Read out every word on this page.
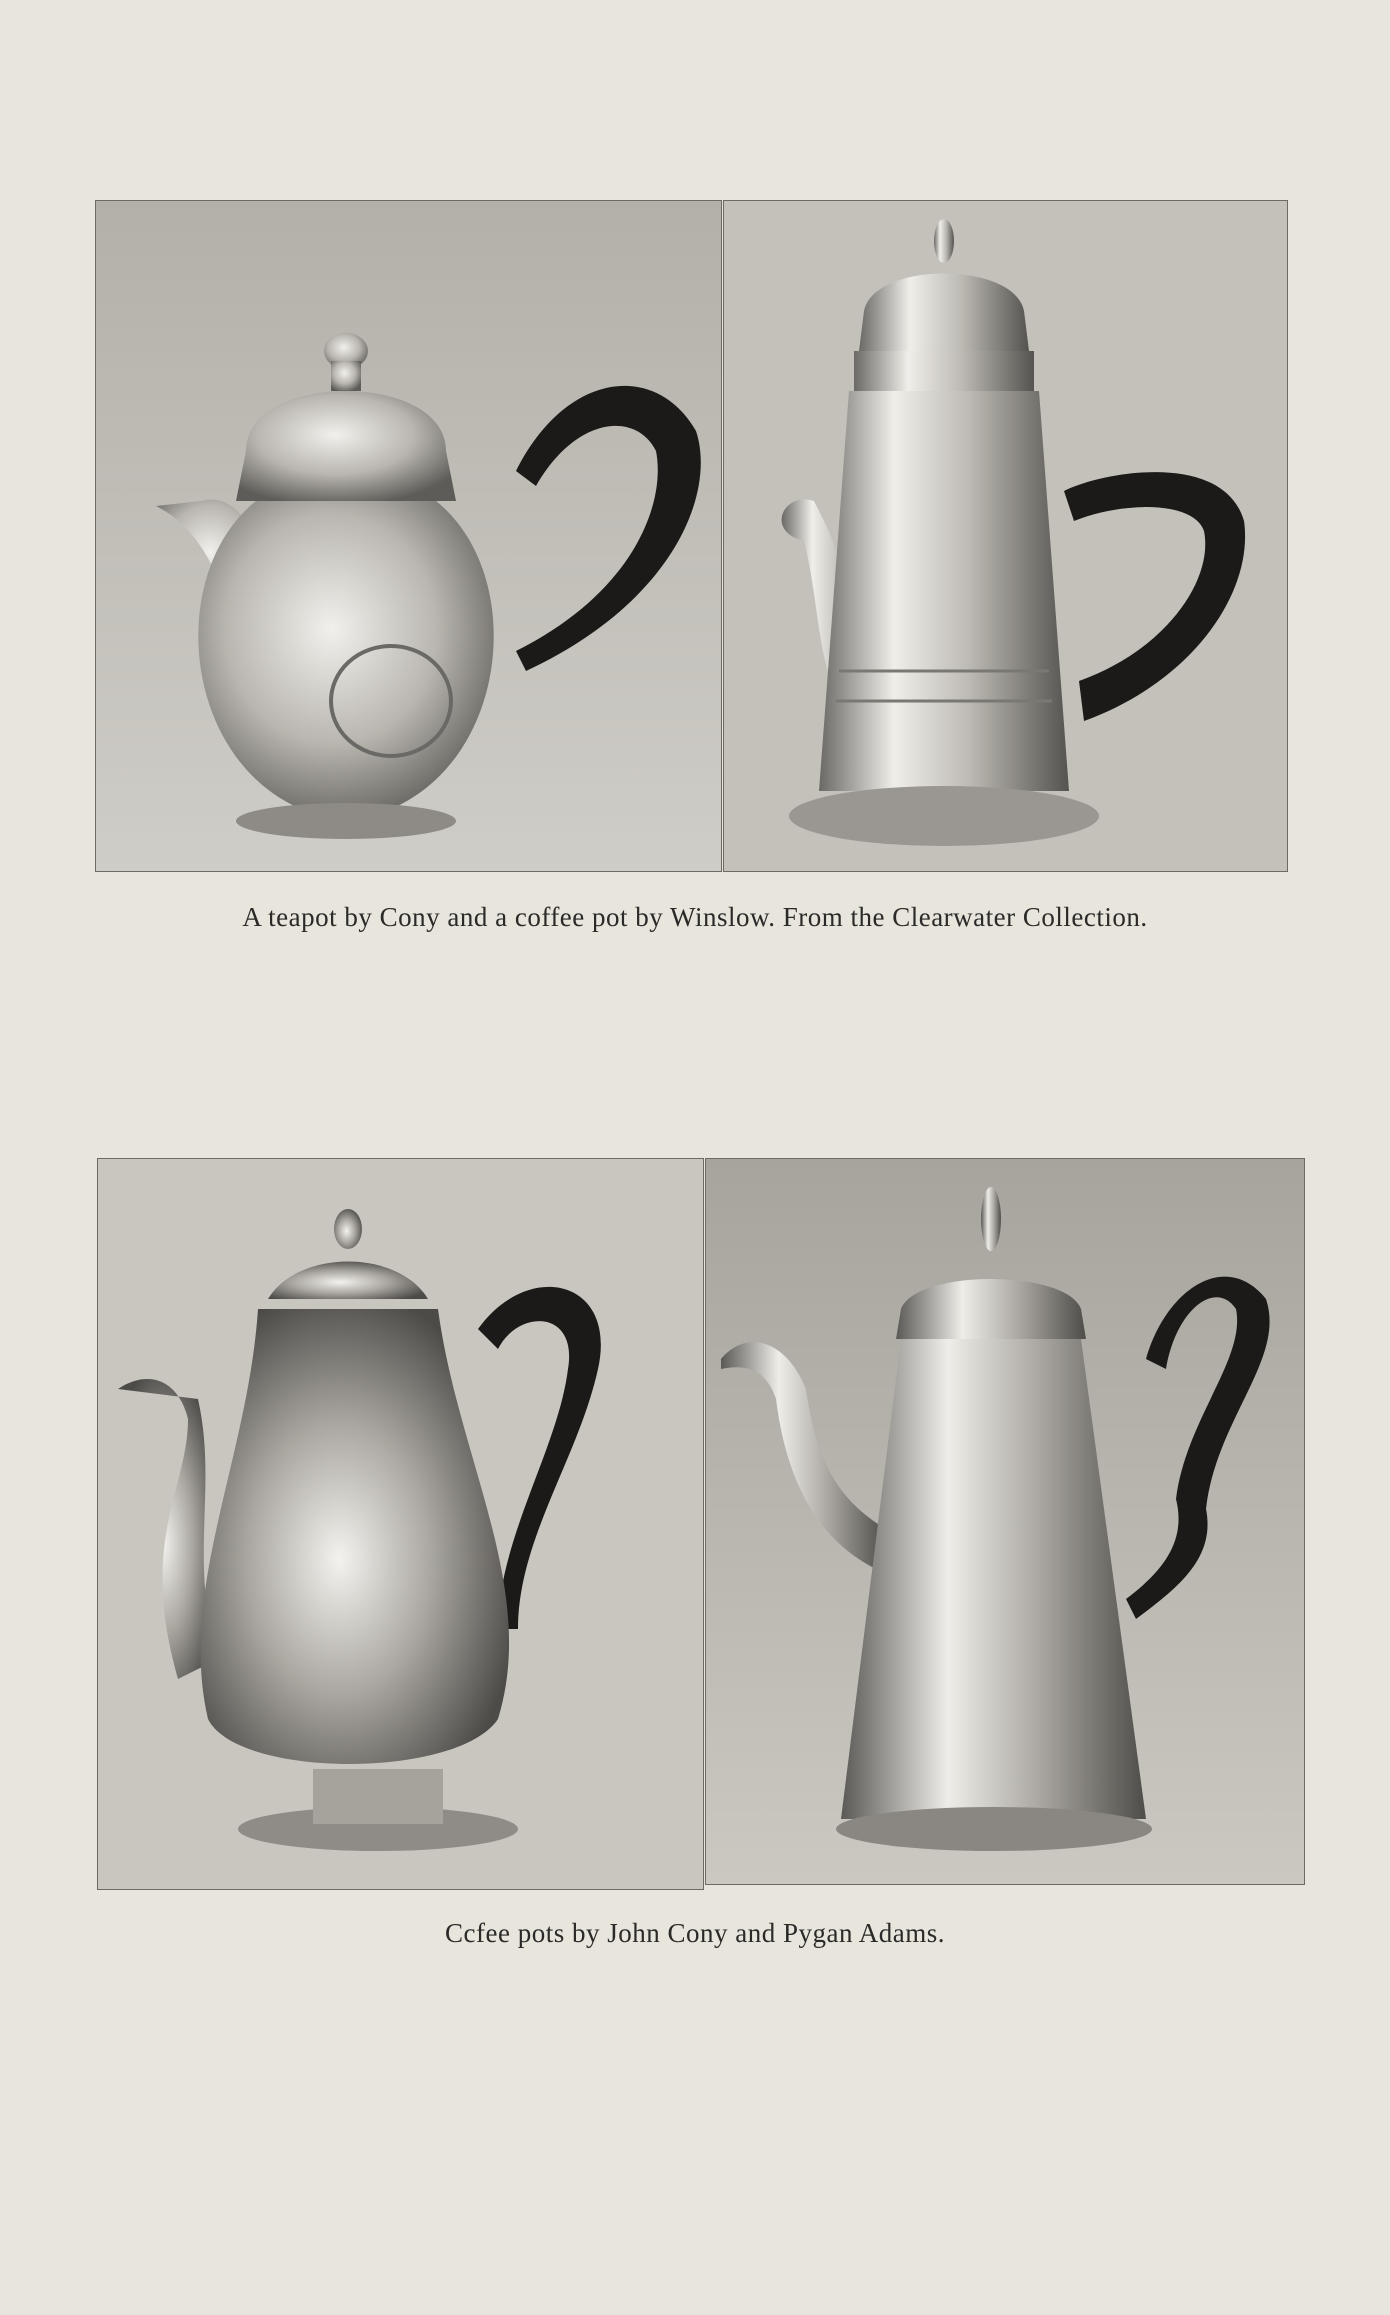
A teapot by Cony and a coffee pot by Winslow. From the Clearwater Collection.
Ccfee pots by John Cony and Pygan Adams.
